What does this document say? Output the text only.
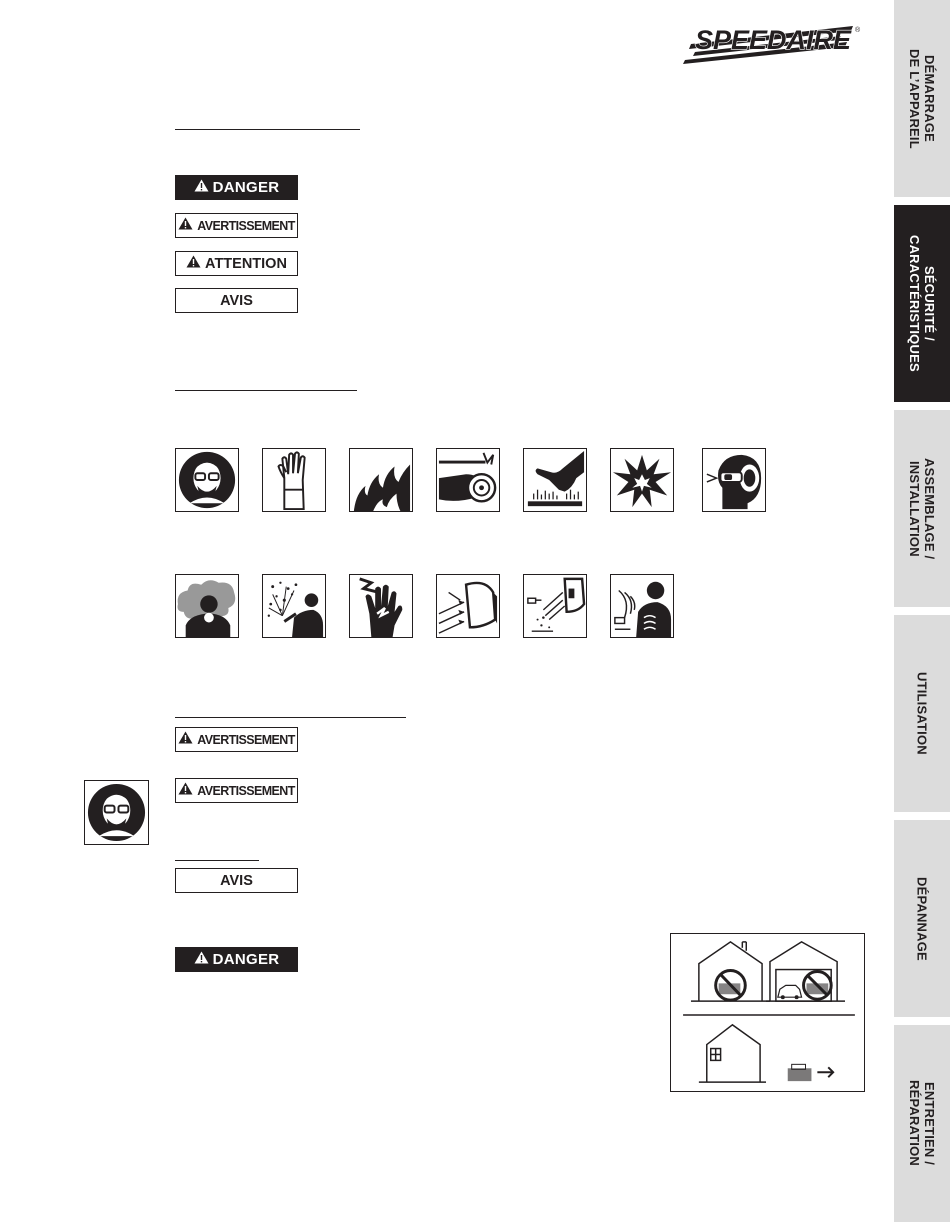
SPEEDAIRE ®
DÉMARRAGE
DE L’APPAREIL
SÉCURITÉ /
CARACTÉRISTIQUES
ASSEMBLAGE /
INSTALLATION
UTILISATION
DÉPANNAGE
ENTRETIEN /
RÉPARATION
DANGER
AVERTISSEMENT
ATTENTION
AVIS
AVERTISSEMENT
AVERTISSEMENT
AVIS
DANGER
